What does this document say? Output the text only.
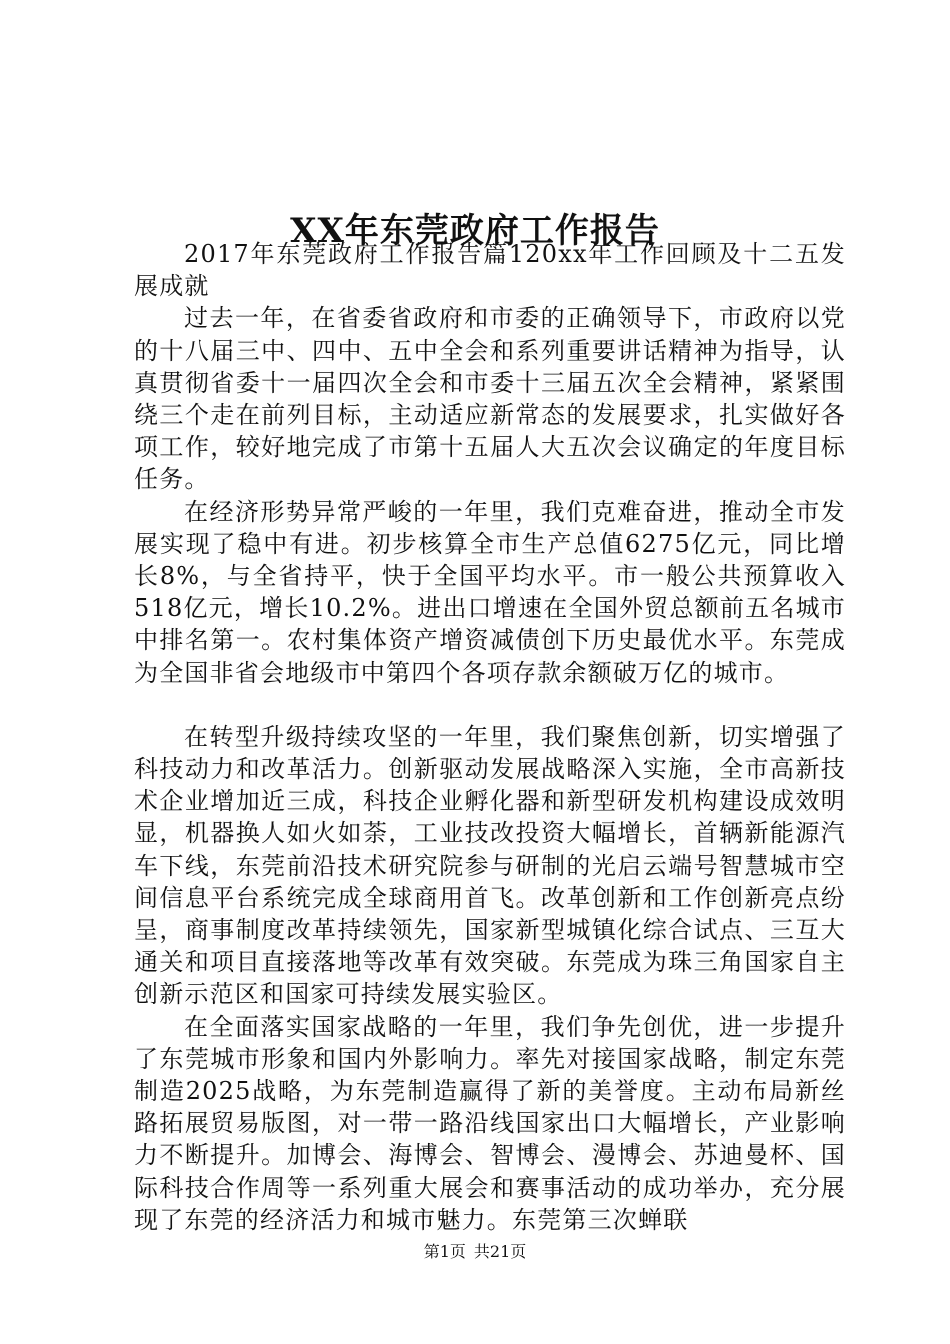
XX年东莞政府工作报告

2017年东莞政府工作报告篇120xx年工作回顾及十二五发展成就

过去一年，在省委省政府和市委的正确领导下，市政府以党的十八届三中、四中、五中全会和系列重要讲话精神为指导，认真贯彻省委十一届四次全会和市委十三届五次全会精神，紧紧围绕三个走在前列目标，主动适应新常态的发展要求，扎实做好各项工作，较好地完成了市第十五届人大五次会议确定的年度目标任务。

在经济形势异常严峻的一年里，我们克难奋进，推动全市发展实现了稳中有进。初步核算全市生产总值6275亿元，同比增长8%，与全省持平，快于全国平均水平。市一般公共预算收入518亿元，增长10.2%。进出口增速在全国外贸总额前五名城市中排名第一。农村集体资产增资减债创下历史最优水平。东莞成为全国非省会地级市中第四个各项存款余额破万亿的城市。

在转型升级持续攻坚的一年里，我们聚焦创新，切实增强了科技动力和改革活力。创新驱动发展战略深入实施，全市高新技术企业增加近三成，科技企业孵化器和新型研发机构建设成效明显，机器换人如火如荼，工业技改投资大幅增长，首辆新能源汽车下线，东莞前沿技术研究院参与研制的光启云端号智慧城市空间信息平台系统完成全球商用首飞。改革创新和工作创新亮点纷呈，商事制度改革持续领先，国家新型城镇化综合试点、三互大通关和项目直接落地等改革有效突破。东莞成为珠三角国家自主创新示范区和国家可持续发展实验区。

在全面落实国家战略的一年里，我们争先创优，进一步提升了东莞城市形象和国内外影响力。率先对接国家战略，制定东莞制造2025战略，为东莞制造赢得了新的美誉度。主动布局新丝路拓展贸易版图，对一带一路沿线国家出口大幅增长，产业影响力不断提升。加博会、海博会、智博会、漫博会、苏迪曼杯、国际科技合作周等一系列重大展会和赛事活动的成功举办，充分展现了东莞的经济活力和城市魅力。东莞第三次蝉联

第1页 共21页
